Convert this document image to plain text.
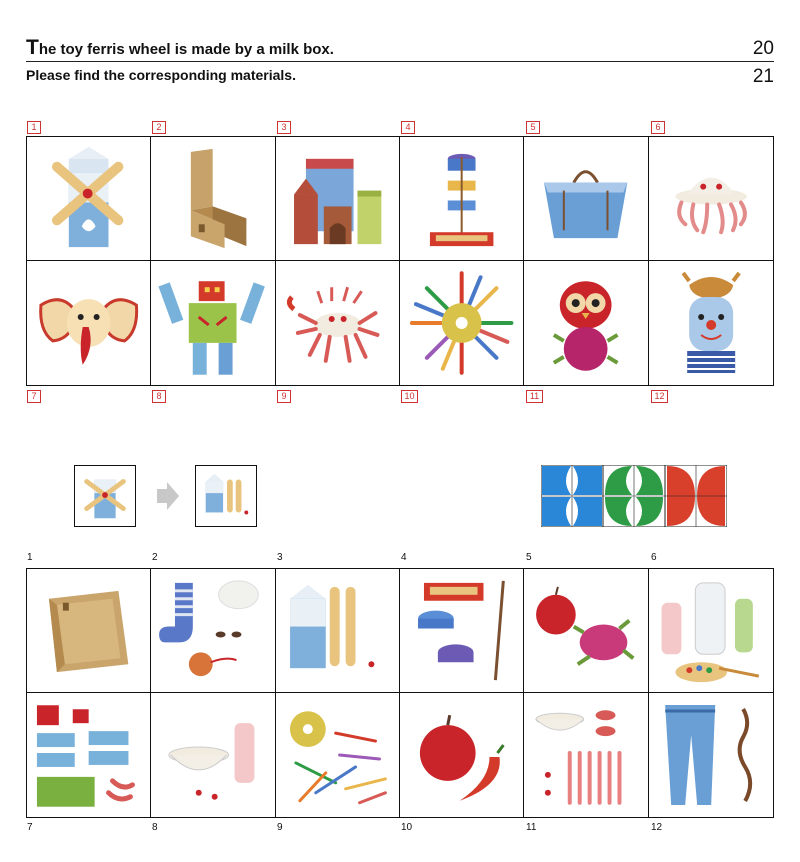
The toy ferris wheel is made by a milk box.
Please find the corresponding materials.
20
21
1	2	3	4	5	6
7	8	9	10	11	12
1	2	3	4	5	6
7	8	9	10	11	12
